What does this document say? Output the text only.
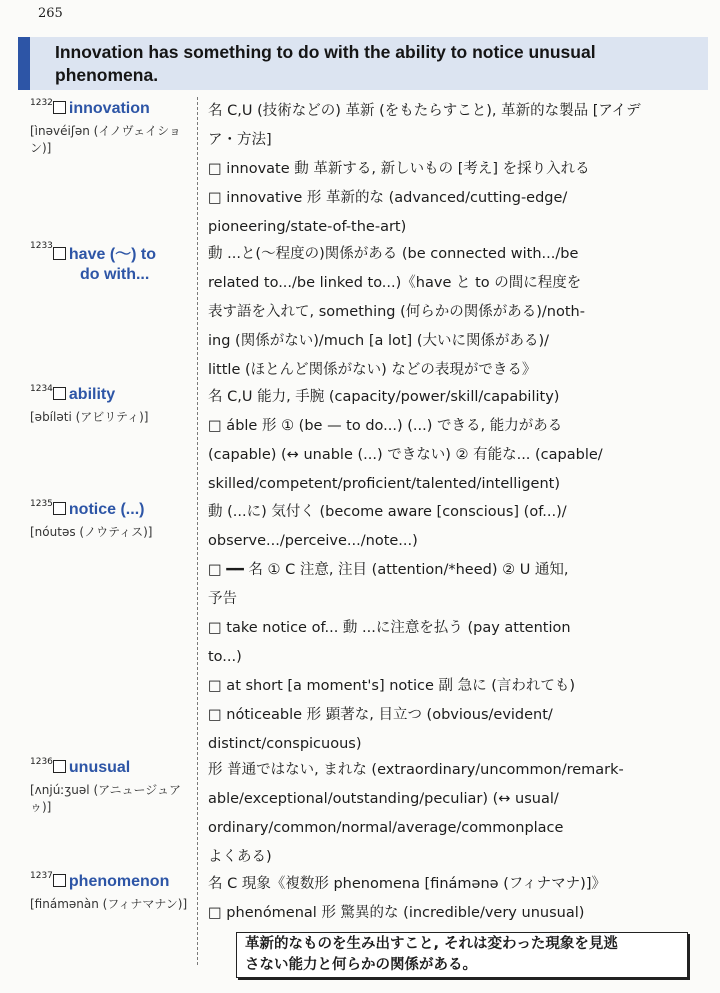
265
Innovation has something to do with the ability to notice unusual phenomena.
$^{1232}$ innovation
[ìnəvéiʃən (イノヴェイション)]
名 C,U (技術などの) 革新 (をもたらすこと), 革新的な製品 [アイデ
ア・方法]
□ innovate 動 革新する, 新しいもの [考え] を採り入れる
□ innovative 形 革新的な (advanced/cutting-edge/
pioneering/state-of-the-art)
$^{1233}$ have (〜) to
do with...
動 ...と(〜程度の)関係がある (be connected with.../be
related to.../be linked to...)《have と to の間に程度を
表す語を入れて, something (何らかの関係がある)/noth-
ing (関係がない)/much [a lot] (大いに関係がある)/
little (ほとんど関係がない) などの表現ができる》
$^{1234}$ ability
[əbíləti (アビリティ)]
名 C,U 能力, 手腕 (capacity/power/skill/capability)
□ áble 形 ① (be — to do...) (...) できる, 能力がある
(capable) (↔ unable (...) できない) ② 有能な... (capable/
skilled/competent/proficient/talented/intelligent)
$^{1235}$ notice (...)
[nóutəs (ノウティス)]
動 (...に) 気付く (become aware [conscious] (of...)/
observe.../perceive.../note...)
□ ━━ 名 ① C 注意, 注目 (attention/*heed) ② U 通知,
予告
□ take notice of... 動 ...に注意を払う (pay attention
to...)
□ at short [a moment's] notice 副 急に (言われても)
□ nóticeable 形 顕著な, 目立つ (obvious/evident/
distinct/conspicuous)
$^{1236}$ unusual
[ʌnjúːʒuəl (アニュージュアゥ)]
形 普通ではない, まれな (extraordinary/uncommon/remark-
able/exceptional/outstanding/peculiar) (↔ usual/
ordinary/common/normal/average/commonplace
よくある)
$^{1237}$ phenomenon
[finámənàn (フィナマナン)]
名 C 現象《複数形 phenomena [finámənə (フィナマナ)]》
□ phenómenal 形 驚異的な (incredible/very unusual)
革新的なものを生み出すこと, それは変わった現象を見逃
さない能力と何らかの関係がある。
